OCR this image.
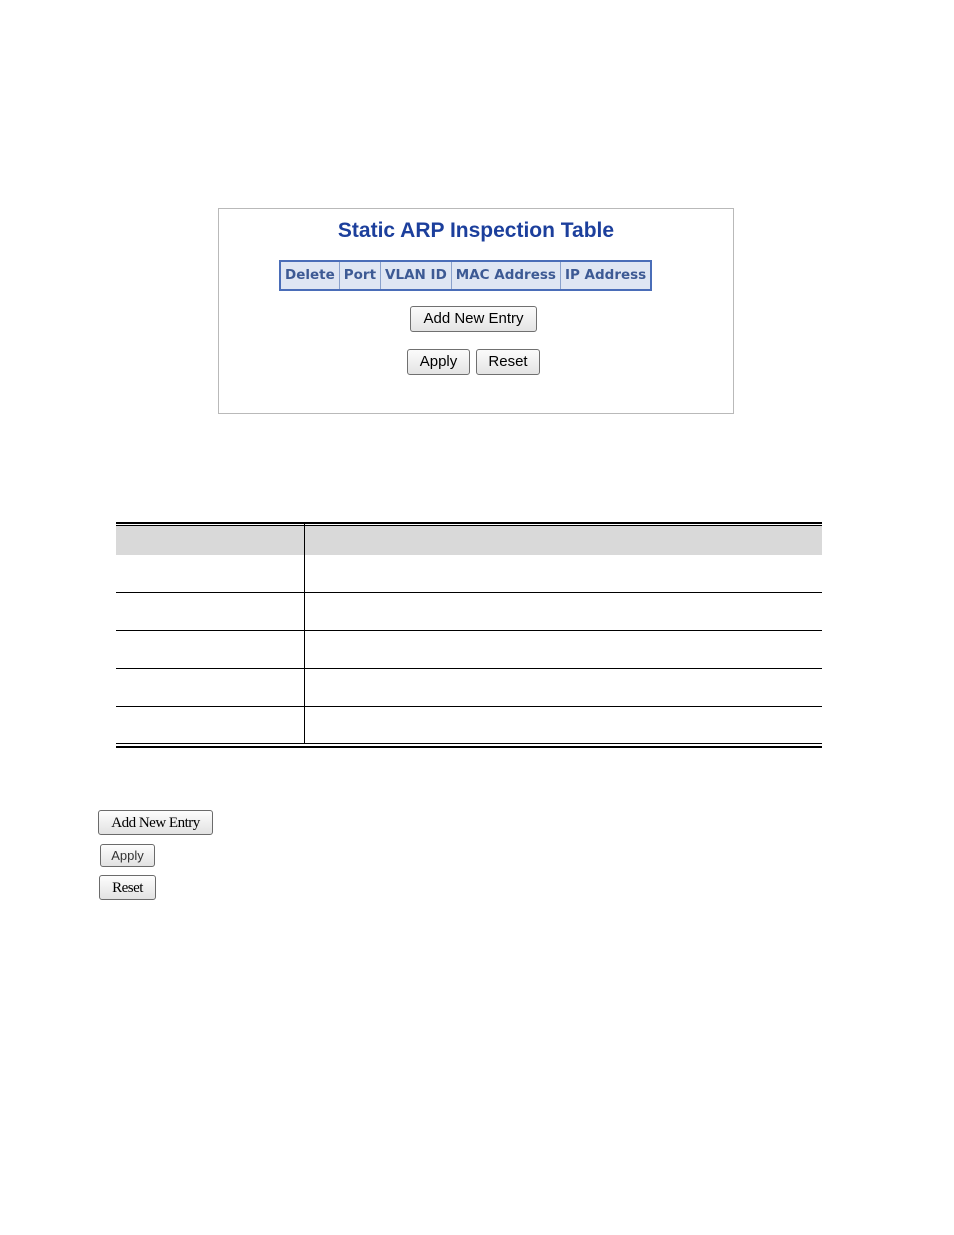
Static ARP Inspection Table
Delete	Port	VLAN ID	MAC Address	IP Address
Add New Entry
Apply	Reset
Add New Entry
Apply
Reset
